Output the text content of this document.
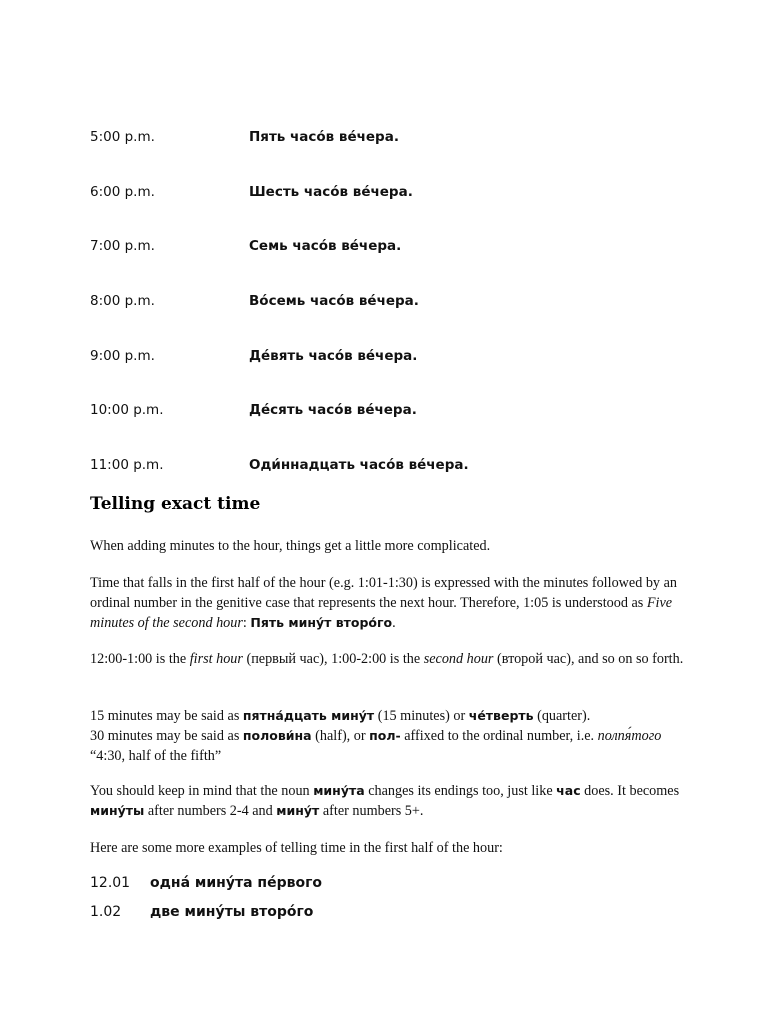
5:00 p.m.	Пять часо́в ве́чера.
6:00 p.m.	Шесть часо́в ве́чера.
7:00 p.m.	Семь часо́в ве́чера.
8:00 p.m.	Во́семь часо́в ве́чера.
9:00 p.m.	Де́вять часо́в ве́чера.
10:00 p.m.	Де́сять часо́в ве́чера.
11:00 p.m.	Оди́ннадцать часо́в ве́чера.
Telling exact time

When adding minutes to the hour, things get a little more complicated.

Time that falls in the first half of the hour (e.g. 1:01-1:30) is expressed with the minutes followed by an ordinal number in the genitive case that represents the next hour. Therefore, 1:05 is understood as Five minutes of the second hour: Пять мину́т второ́го.

12:00-1:00 is the first hour (первый час), 1:00-2:00 is the second hour (второй час), and so on so forth.

15 minutes may be said as пятна́дцать мину́т (15 minutes) or че́тверть (quarter).
30 minutes may be said as полови́на (half), or пол- affixed to the ordinal number, i.e. полпя́того “4:30, half of the fifth”

You should keep in mind that the noun мину́та changes its endings too, just like час does. It becomes мину́ты after numbers 2-4 and мину́т after numbers 5+.

Here are some more examples of telling time in the first half of the hour:

12.01 одна́ мину́та пе́рвого
1.02 две мину́ты второ́го
